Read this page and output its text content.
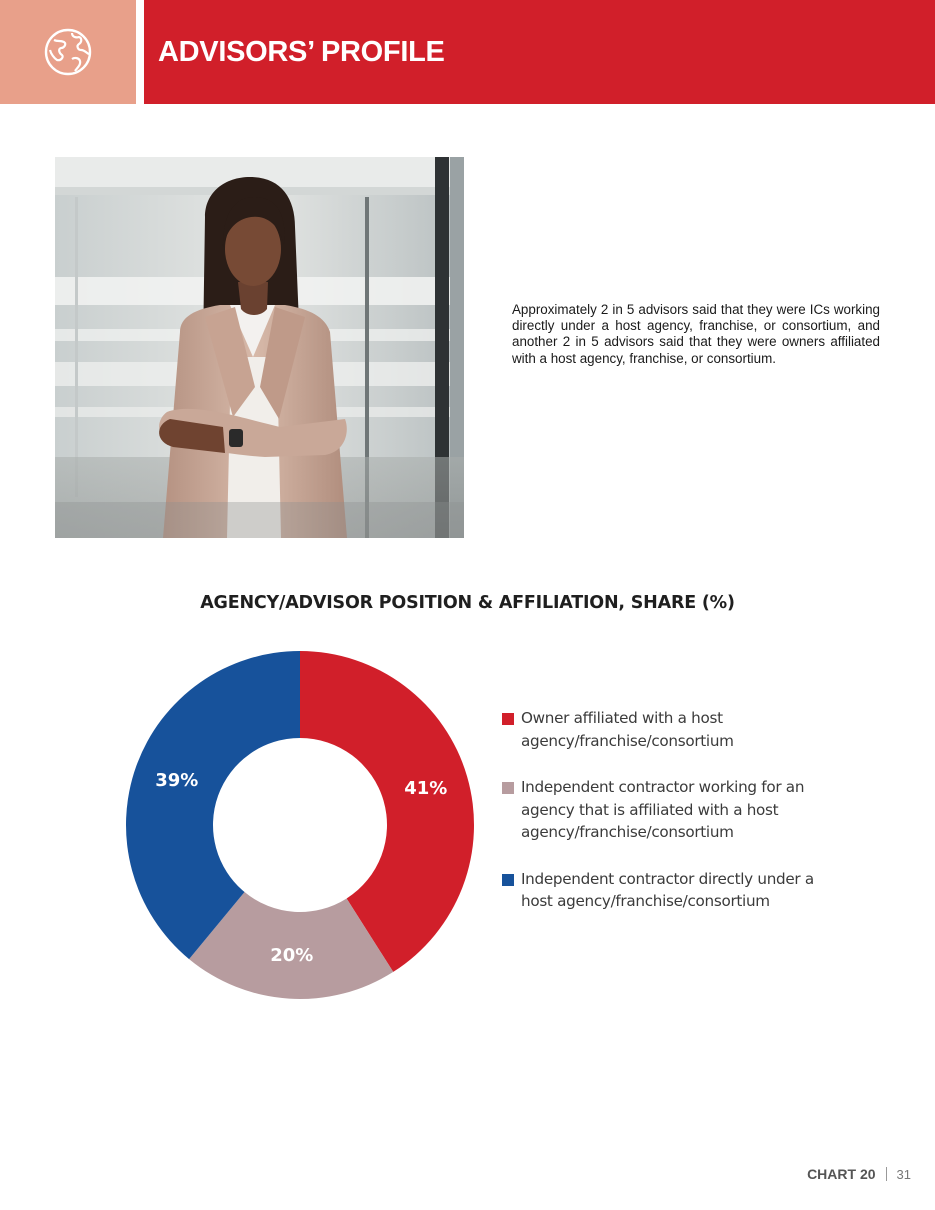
ADVISORS’ PROFILE

Approximately 2 in 5 advisors said that they were ICs working directly under a host agency, franchise, or consortium, and another 2 in 5 advisors said that they were owners affiliated with a host agency, franchise, or consortium.

AGENCY/ADVISOR POSITION & AFFILIATION, SHARE (%)
41%
20%
39%
Owner affiliated with a host agency/franchise/consortium
Independent contractor working for an agency that is affiliated with a host agency/franchise/consortium
Independent contractor directly under a host agency/franchise/consortium
CHART 20 31
